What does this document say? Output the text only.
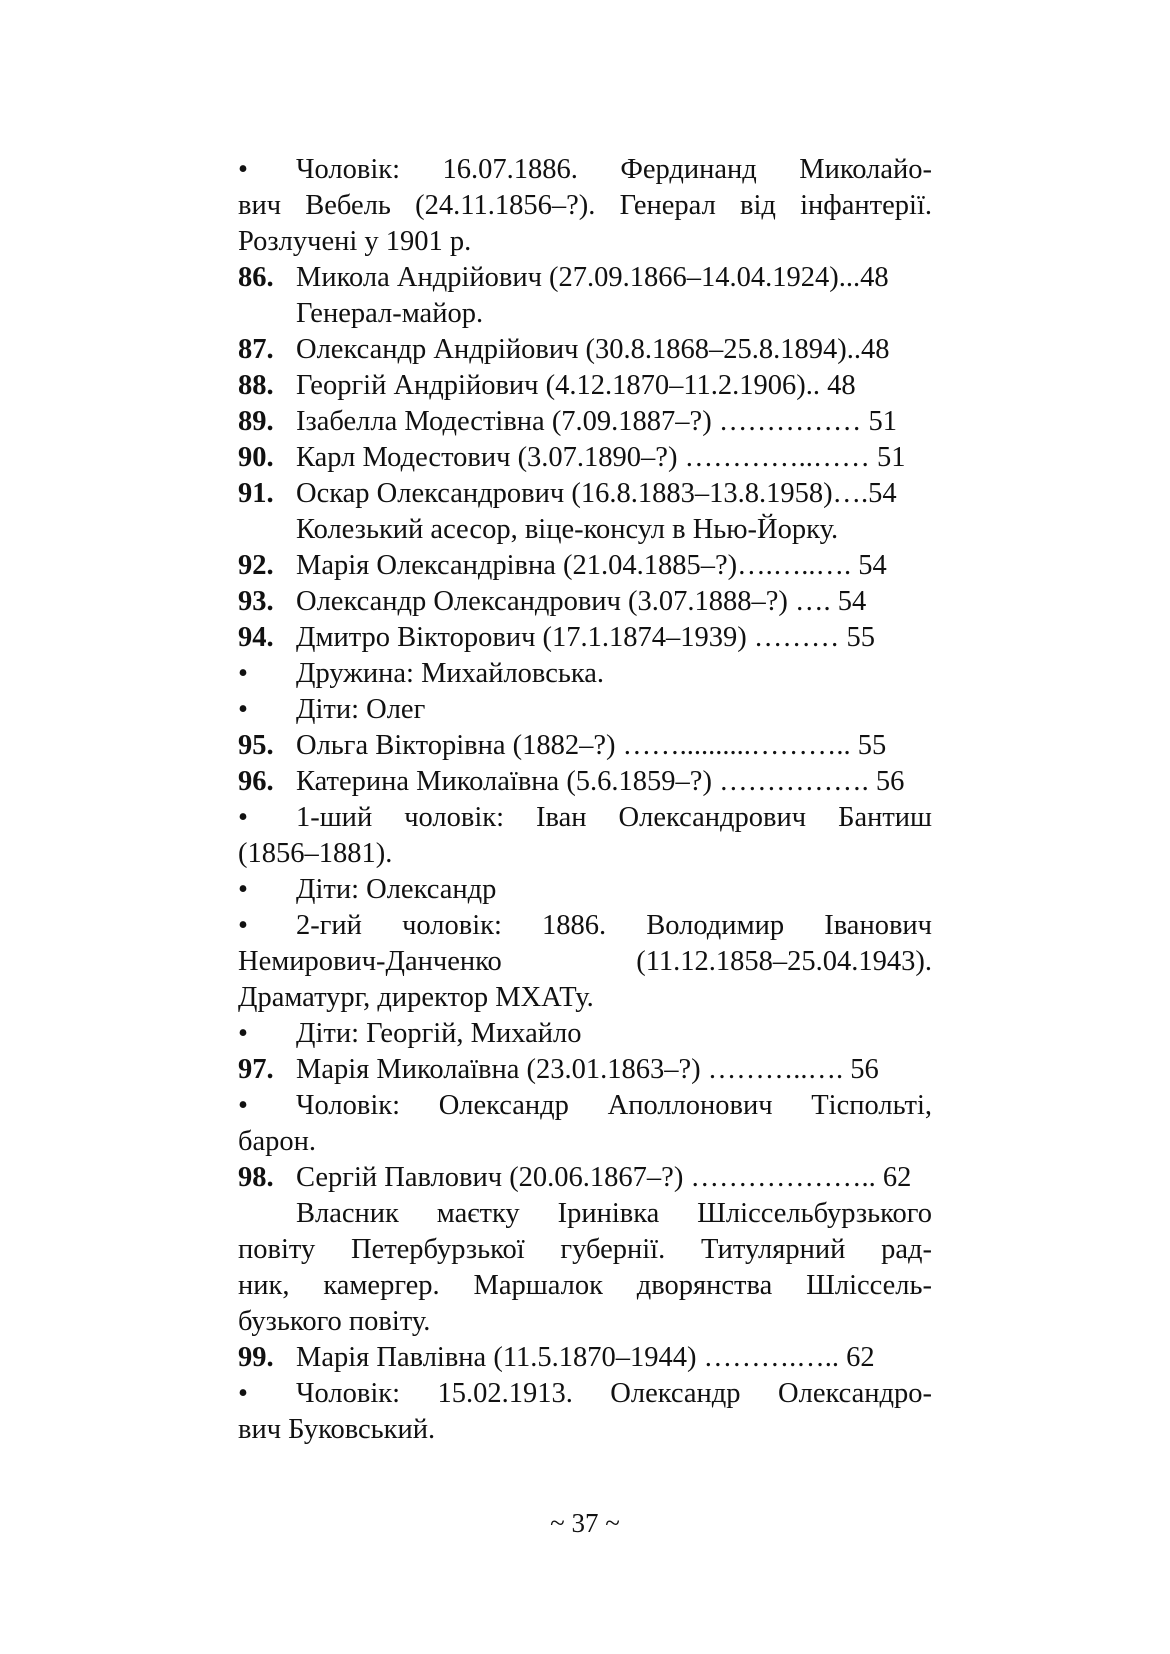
•	Чоловік: 16.07.1886. Фердинанд Миколайо-
вич Вебель (24.11.1856–?). Генерал від інфантерії.
Розлучені у 1901 р.
86. Микола Андрійович (27.09.1866–14.04.1924)...48
Генерал-майор.
87. Олександр Андрійович (30.8.1868–25.8.1894)..48
88. Георгій Андрійович (4.12.1870–11.2.1906).. 48
89. Ізабелла Модестівна (7.09.1887–?) …………… 51
90. Карл Модестович (3.07.1890–?) …………..…… 51
91. Оскар Олександрович (16.8.1883–13.8.1958)….54
Колезький асесор, віце-консул в Нью-Йорку.
92. Марія Олександрівна (21.04.1885–?)….…..…. 54
93. Олександр Олександрович (3.07.1888–?) …. 54
94. Дмитро Вікторович (17.1.1874–1939) ……… 55
•	Дружина: Михайловська.
•	Діти: Олег
95. Ольга Вікторівна (1882–?) ……..........……….. 55
96. Катерина Миколаївна (5.6.1859–?) ……………. 56
•	1-ший чоловік: Іван Олександрович Бантиш
(1856–1881).
•	Діти: Олександр
•	2-гий чоловік: 1886. Володимир Іванович
Немирович-Данченко (11.12.1858–25.04.1943).
Драматург, директор МХАТу.
•	Діти: Георгій, Михайло
97. Марія Миколаївна (23.01.1863–?) ………..…. 56
•	Чоловік: Олександр Аполлонович Тіспольті,
барон.
98. Сергій Павлович (20.06.1867–?) ……………….. 62
Власник маєтку Іринівка Шліссельбурзького
повіту Петербурзької губернії. Титулярний рад-
ник, камергер. Маршалок дворянства Шліссель-
бузького повіту.
99. Марія Павлівна (11.5.1870–1944) ……….….. 62
•	Чоловік: 15.02.1913. Олександр Олександро-
вич Буковський.
~ 37 ~
